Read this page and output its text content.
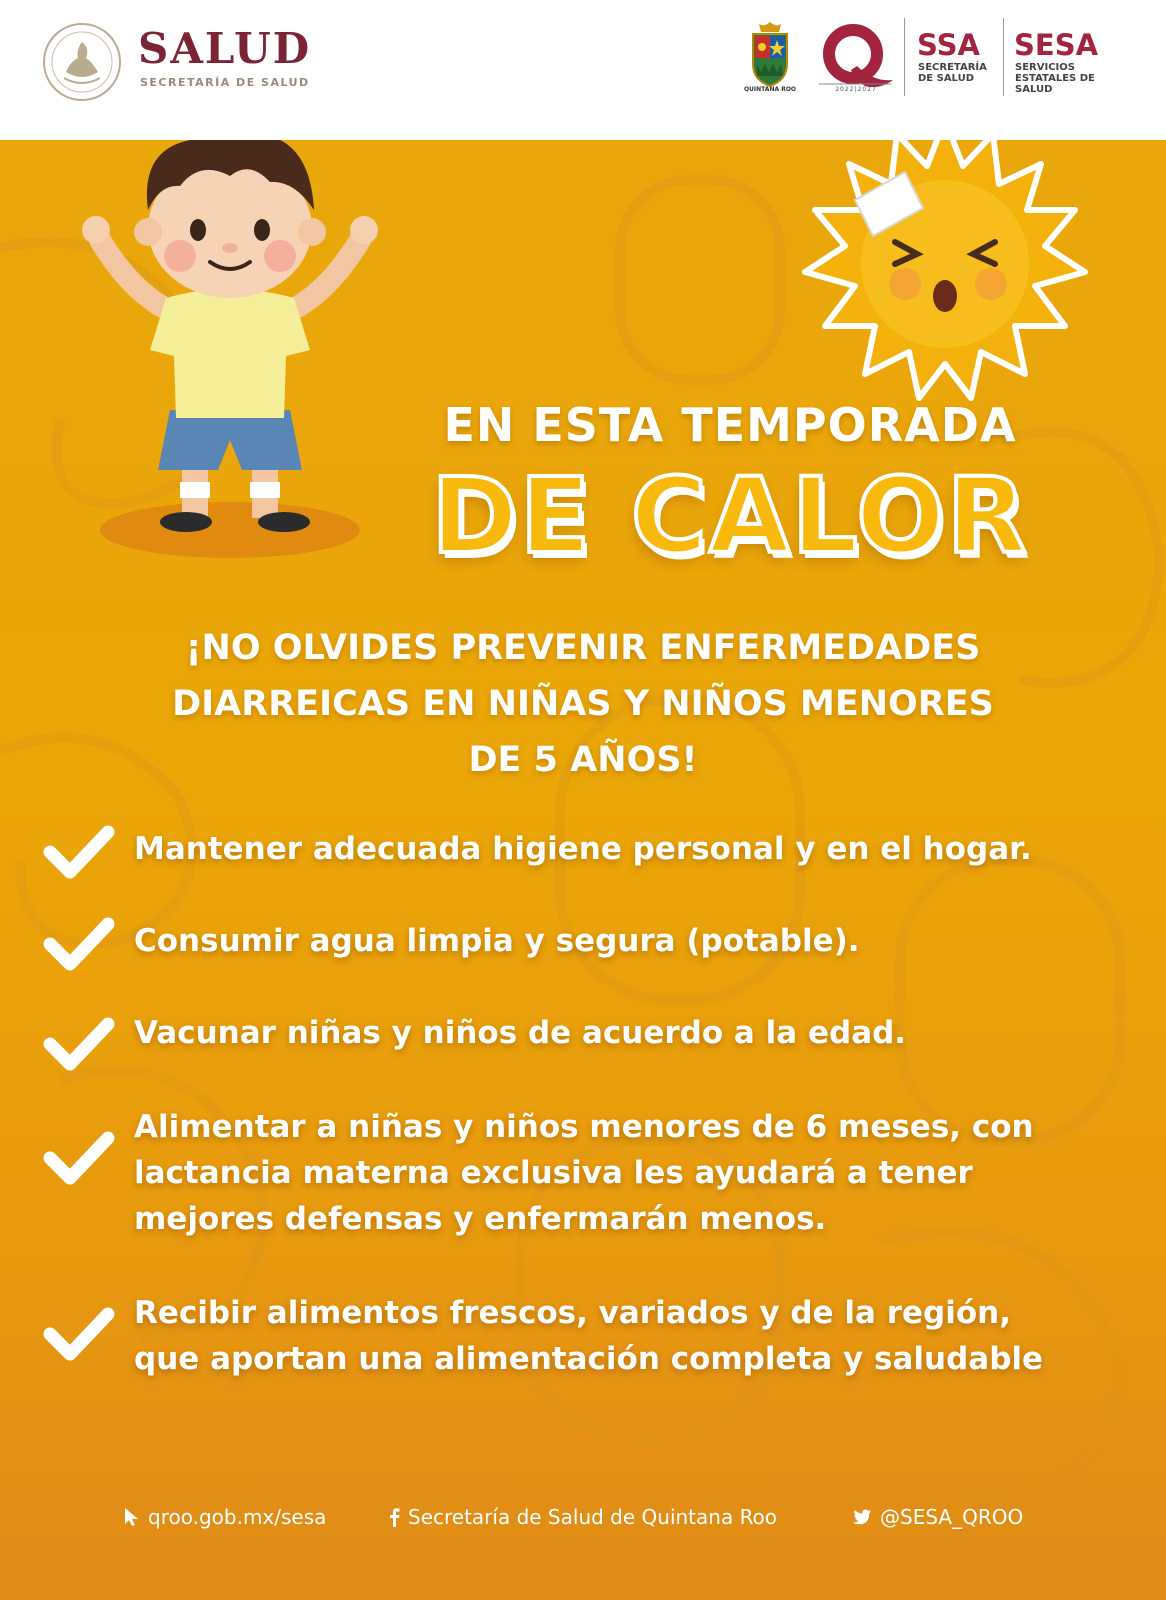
SALUD
SECRETARÍA DE SALUD
QUINTANA ROO	2022|2027
SSA
SECRETARÍA DE SALUD
SESA
SERVICIOS ESTATALES DE SALUD
EN ESTA TEMPORADA
DE CALOR
¡NO OLVIDES PREVENIR ENFERMEDADES
DIARREICAS EN NIÑAS Y NIÑOS MENORES
DE 5 AÑOS!
Mantener adecuada higiene personal y en el hogar.
Consumir agua limpia y segura (potable).
Vacunar niñas y niños de acuerdo a la edad.
Alimentar a niñas y niños menores de 6 meses, con
lactancia materna exclusiva les ayudará a tener
mejores defensas y enfermarán menos.
Recibir alimentos frescos, variados y de la región,
que aportan una alimentación completa y saludable
qroo.gob.mx/sesa	Secretaría de Salud de Quintana Roo	@SESA_QROO
